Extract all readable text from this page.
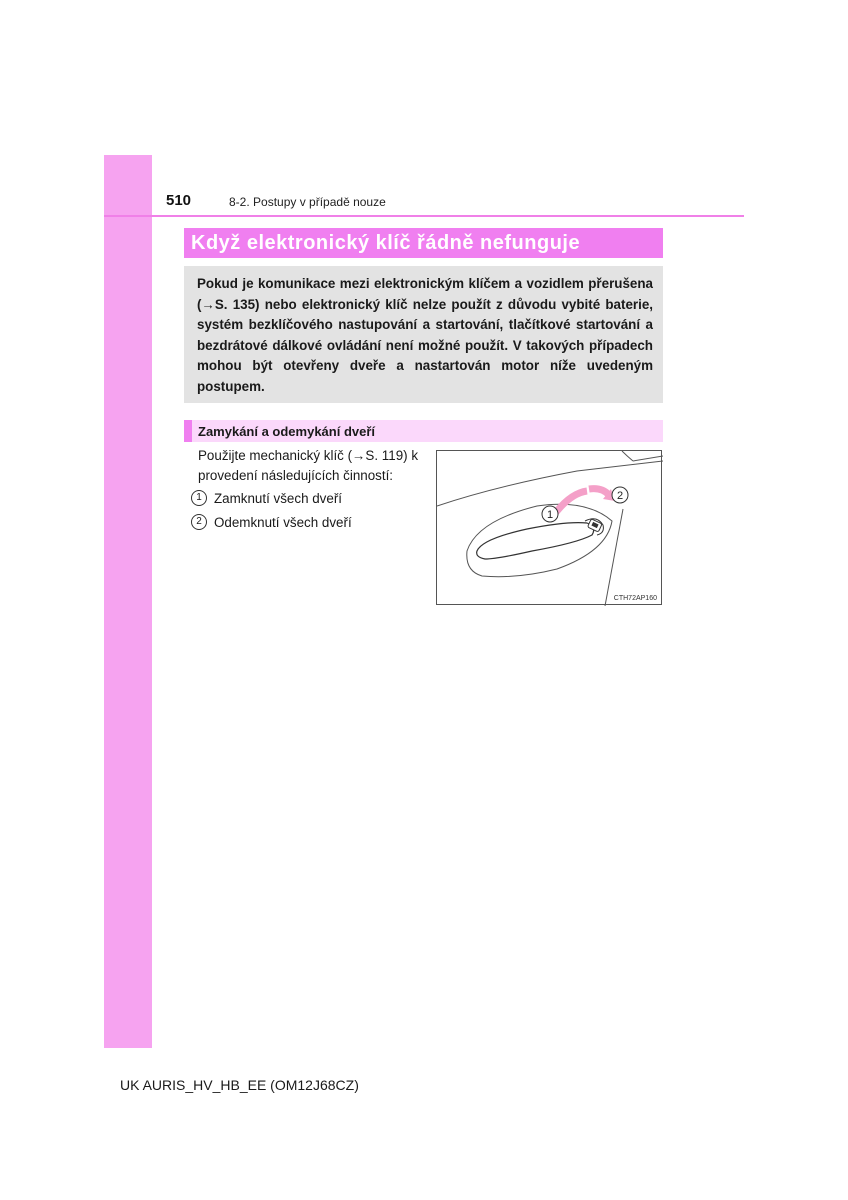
510	8-2. Postupy v případě nouze
Když elektronický klíč řádně nefunguje

Pokud je komunikace mezi elektronickým klíčem a vozidlem přerušena (→S. 135) nebo elektronický klíč nelze použít z důvodu vybité baterie, systém bezklíčového nastupování a startování, tlačítkové startování a bezdrátové dálkové ovládání není možné použít. V takových případech mohou být otevřeny dveře a nastartován motor níže uvedeným postupem.

Zamykání a odemykání dveří
Použijte mechanický klíč (→S. 119) k provedení následujících činností:
1 Zamknutí všech dveří
2 Odemknutí všech dveří	1
2
CTH72AP160
UK AURIS_HV_HB_EE (OM12J68CZ)
